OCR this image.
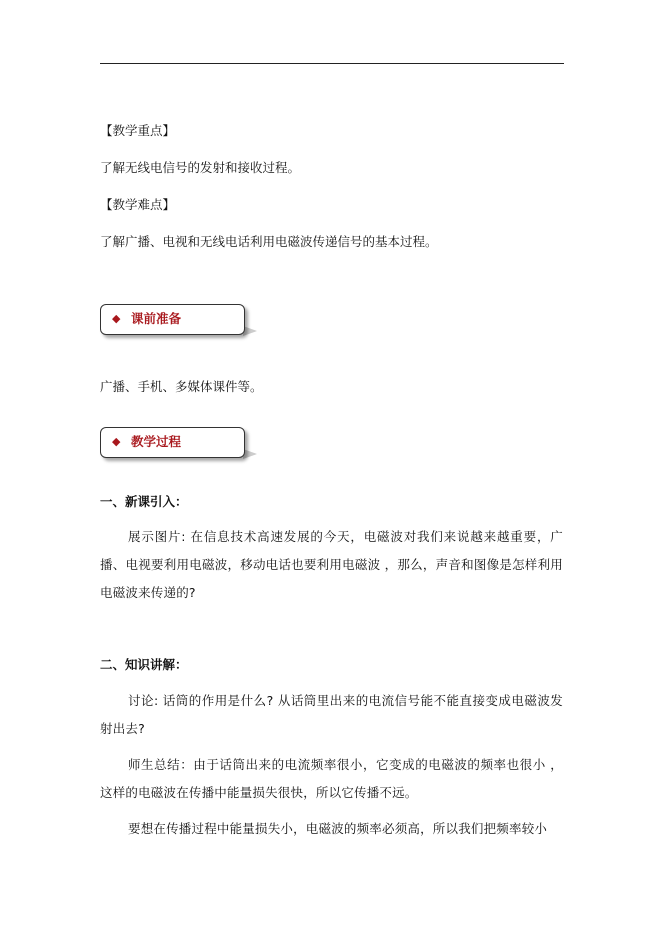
【教学重点】
了解无线电信号的发射和接收过程。
【教学难点】
了解广播、电视和无线电话利用电磁波传递信号的基本过程。
◆ 课前准备
广播、手机、多媒体课件等。
◆ 教学过程
一、新课引入：
展示图片: 在信息技术高速发展的今天，电磁波对我们来说越来越重要，广播、电视要利用电磁波，移动电话也要利用电磁波 ，那么，声音和图像是怎样利用电磁波来传递的?
二、知识讲解：
讨论: 话筒的作用是什么? 从话筒里出来的电流信号能不能直接变成电磁波发射出去?
师生总结：由于话筒出来的电流频率很小，它变成的电磁波的频率也很小 ，这样的电磁波在传播中能量损失很快，所以它传播不远。
要想在传播过程中能量损失小，电磁波的频率必须高，所以我们把频率较小
